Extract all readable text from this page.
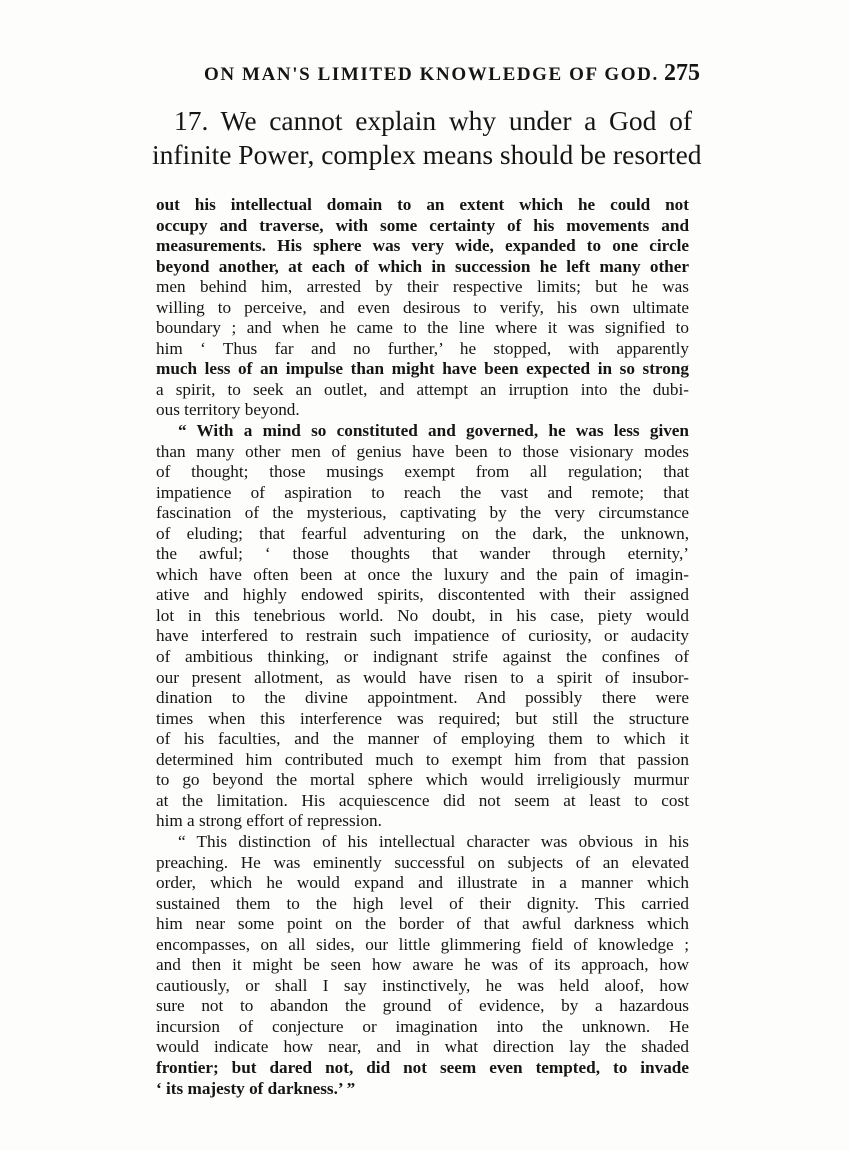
ON MAN'S LIMITED KNOWLEDGE OF GOD. 275
17. We cannot explain why under a God of
infinite Power, complex means should be resorted
out his intellectual domain to an extent which he could not
occupy and traverse, with some certainty of his movements and
measurements. His sphere was very wide, expanded to one circle
beyond another, at each of which in succession he left many other
men behind him, arrested by their respective limits; but he was
willing to perceive, and even desirous to verify, his own ultimate
boundary ; and when he came to the line where it was signified to
him ‘ Thus far and no further,’ he stopped, with apparently
much less of an impulse than might have been expected in so strong
a spirit, to seek an outlet, and attempt an irruption into the dubi-
ous territory beyond.
“ With a mind so constituted and governed, he was less given
than many other men of genius have been to those visionary modes
of thought; those musings exempt from all regulation; that
impatience of aspiration to reach the vast and remote; that
fascination of the mysterious, captivating by the very circumstance
of eluding; that fearful adventuring on the dark, the unknown,
the awful; ‘ those thoughts that wander through eternity,’
which have often been at once the luxury and the pain of imagin-
ative and highly endowed spirits, discontented with their assigned
lot in this tenebrious world. No doubt, in his case, piety would
have interfered to restrain such impatience of curiosity, or audacity
of ambitious thinking, or indignant strife against the confines of
our present allotment, as would have risen to a spirit of insubor-
dination to the divine appointment. And possibly there were
times when this interference was required; but still the structure
of his faculties, and the manner of employing them to which it
determined him contributed much to exempt him from that passion
to go beyond the mortal sphere which would irreligiously murmur
at the limitation. His acquiescence did not seem at least to cost
him a strong effort of repression.
“ This distinction of his intellectual character was obvious in his
preaching. He was eminently successful on subjects of an elevated
order, which he would expand and illustrate in a manner which
sustained them to the high level of their dignity. This carried
him near some point on the border of that awful darkness which
encompasses, on all sides, our little glimmering field of knowledge ;
and then it might be seen how aware he was of its approach, how
cautiously, or shall I say instinctively, he was held aloof, how
sure not to abandon the ground of evidence, by a hazardous
incursion of conjecture or imagination into the unknown. He
would indicate how near, and in what direction lay the shaded
frontier; but dared not, did not seem even tempted, to invade
‘ its majesty of darkness.’ ”
